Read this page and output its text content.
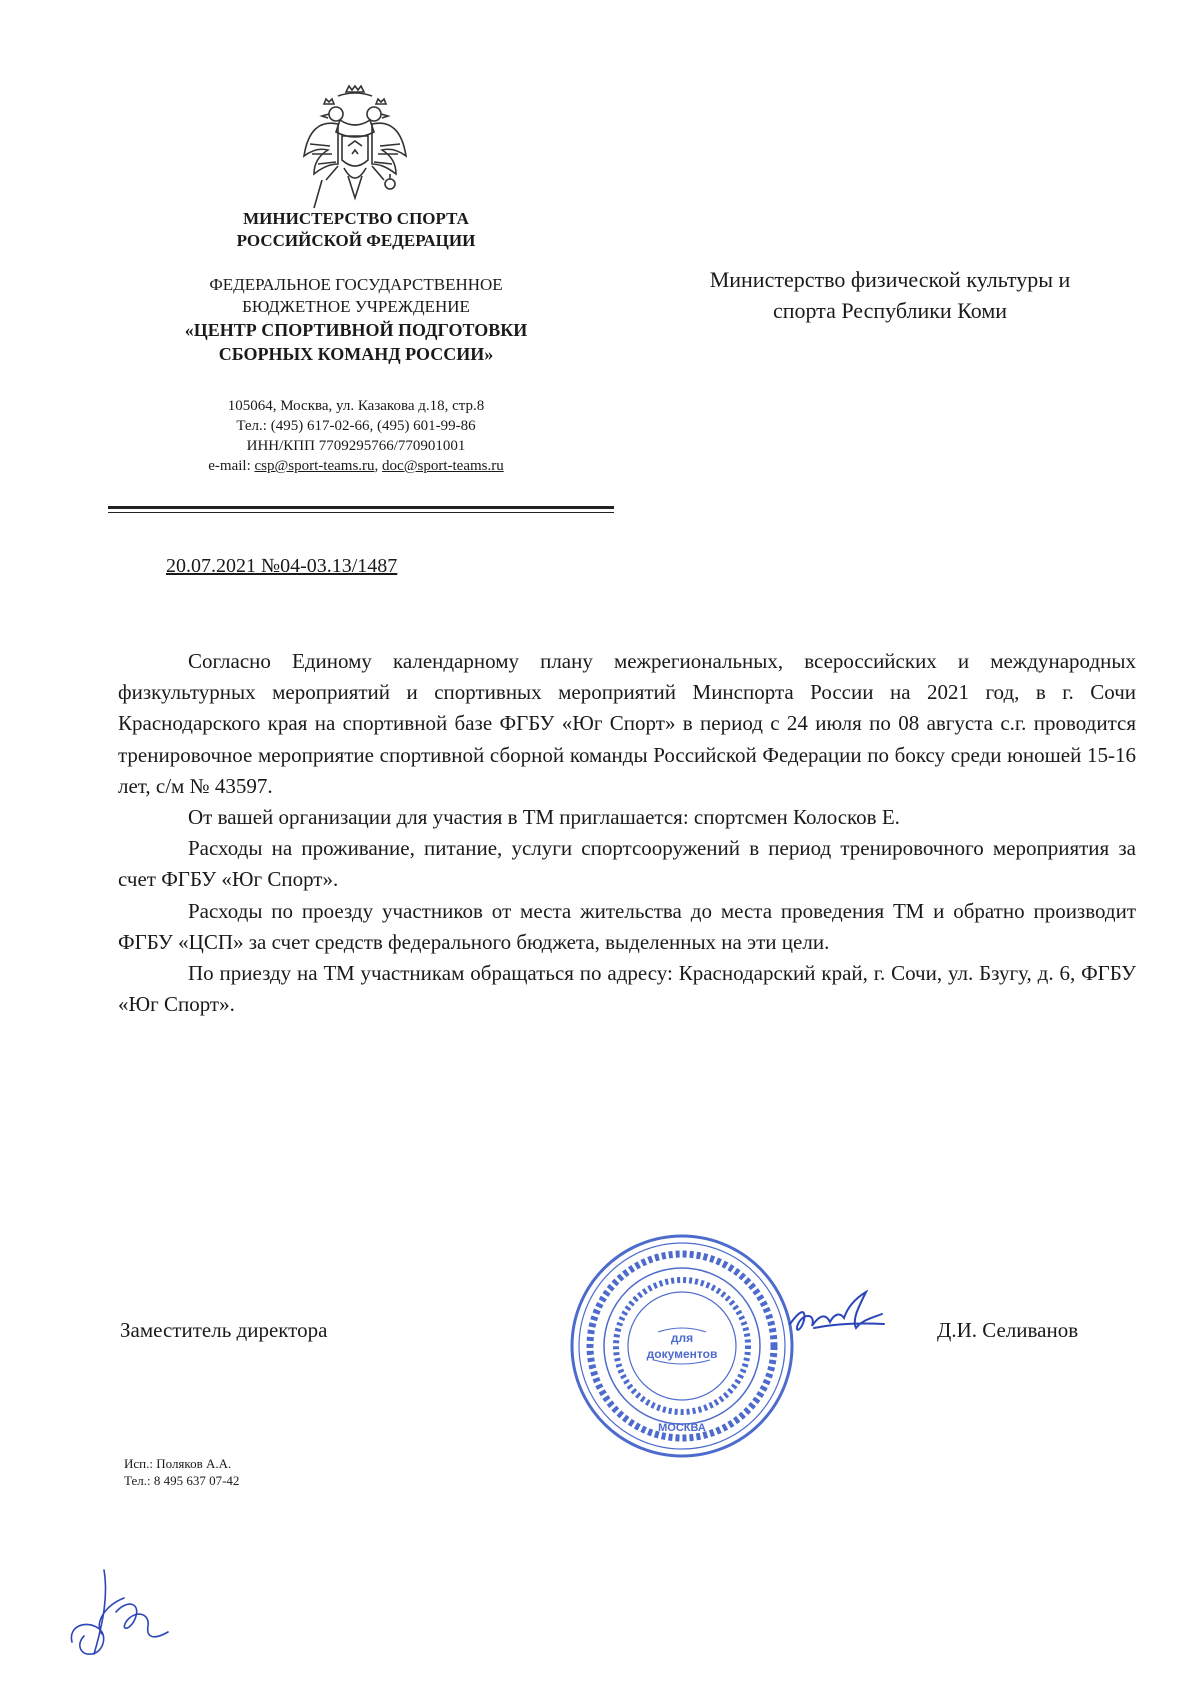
МИНИСТЕРСТВО СПОРТА
РОССИЙСКОЙ ФЕДЕРАЦИИ
ФЕДЕРАЛЬНОЕ ГОСУДАРСТВЕННОЕ
БЮДЖЕТНОЕ УЧРЕЖДЕНИЕ
«ЦЕНТР СПОРТИВНОЙ ПОДГОТОВКИ
СБОРНЫХ КОМАНД РОССИИ»
105064, Москва, ул. Казакова д.18, стр.8
Тел.: (495) 617-02-66, (495) 601-99-86
ИНН/КПП 7709295766/770901001
e-mail: csp@sport-teams.ru, doc@sport-teams.ru
Министерство физической культуры и
спорта Республики Коми
20.07.2021 №04-03.13/1487

Согласно Единому календарному плану межрегиональных, всероссийских и международных физкультурных мероприятий и спортивных мероприятий Минспорта России на 2021 год, в г. Сочи Краснодарского края на спортивной базе ФГБУ «Юг Спорт» в период с 24 июля по 08 августа с.г. проводится тренировочное мероприятие спортивной сборной команды Российской Федерации по боксу среди юношей 15-16 лет, с/м № 43597.

От вашей организации для участия в ТМ приглашается: спортсмен Колосков Е.

Расходы на проживание, питание, услуги спортсооружений в период тренировочного мероприятия за счет ФГБУ «Юг Спорт».

Расходы по проезду участников от места жительства до места проведения ТМ и обратно производит ФГБУ «ЦСП» за счет средств федерального бюджета, выделенных на эти цели.

По приезду на ТМ участникам обращаться по адресу: Краснодарский край, г. Сочи, ул. Бзугу, д. 6, ФГБУ «Юг Спорт».

Заместитель директора	Д.И. Селиванов
для
документов
МОСКВА
Исп.: Поляков А.А.
Тел.: 8 495 637 07-42
